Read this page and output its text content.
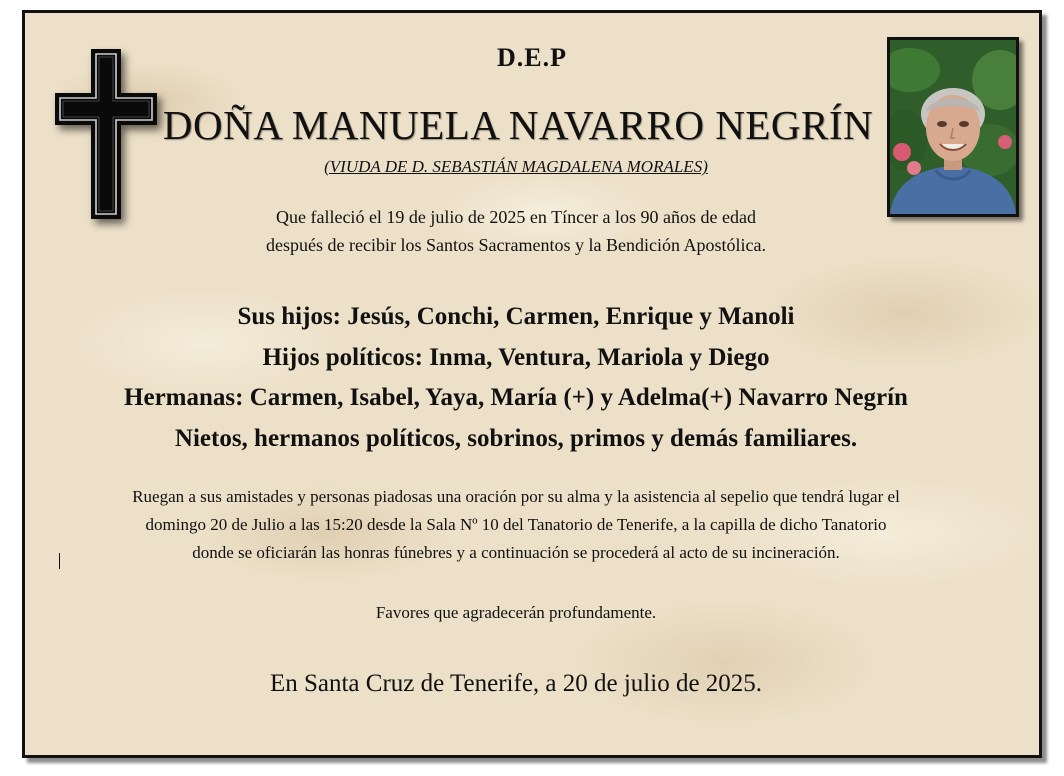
D.E.P

DOÑA MANUELA NAVARRO NEGRÍN

(VIUDA DE D. SEBASTIÁN MAGDALENA MORALES)

Que falleció el 19 de julio de 2025 en Tíncer a los 90 años de edad
después de recibir los Santos Sacramentos y la Bendición Apostólica.
Sus hijos: Jesús, Conchi, Carmen, Enrique y Manoli
Hijos políticos: Inma, Ventura, Mariola y Diego
Hermanas: Carmen, Isabel, Yaya, María (+) y Adelma(+) Navarro Negrín
Nietos, hermanos políticos, sobrinos, primos y demás familiares.
Ruegan a sus amistades y personas piadosas una oración por su alma y la asistencia al sepelio que tendrá lugar el
domingo 20 de Julio a las 15:20 desde la Sala Nº 10 del Tanatorio de Tenerife, a la capilla de dicho Tanatorio
donde se oficiarán las honras fúnebres y a continuación se procederá al acto de su incineración.

Favores que agradecerán profundamente.

En Santa Cruz de Tenerife, a 20 de julio de 2025.
